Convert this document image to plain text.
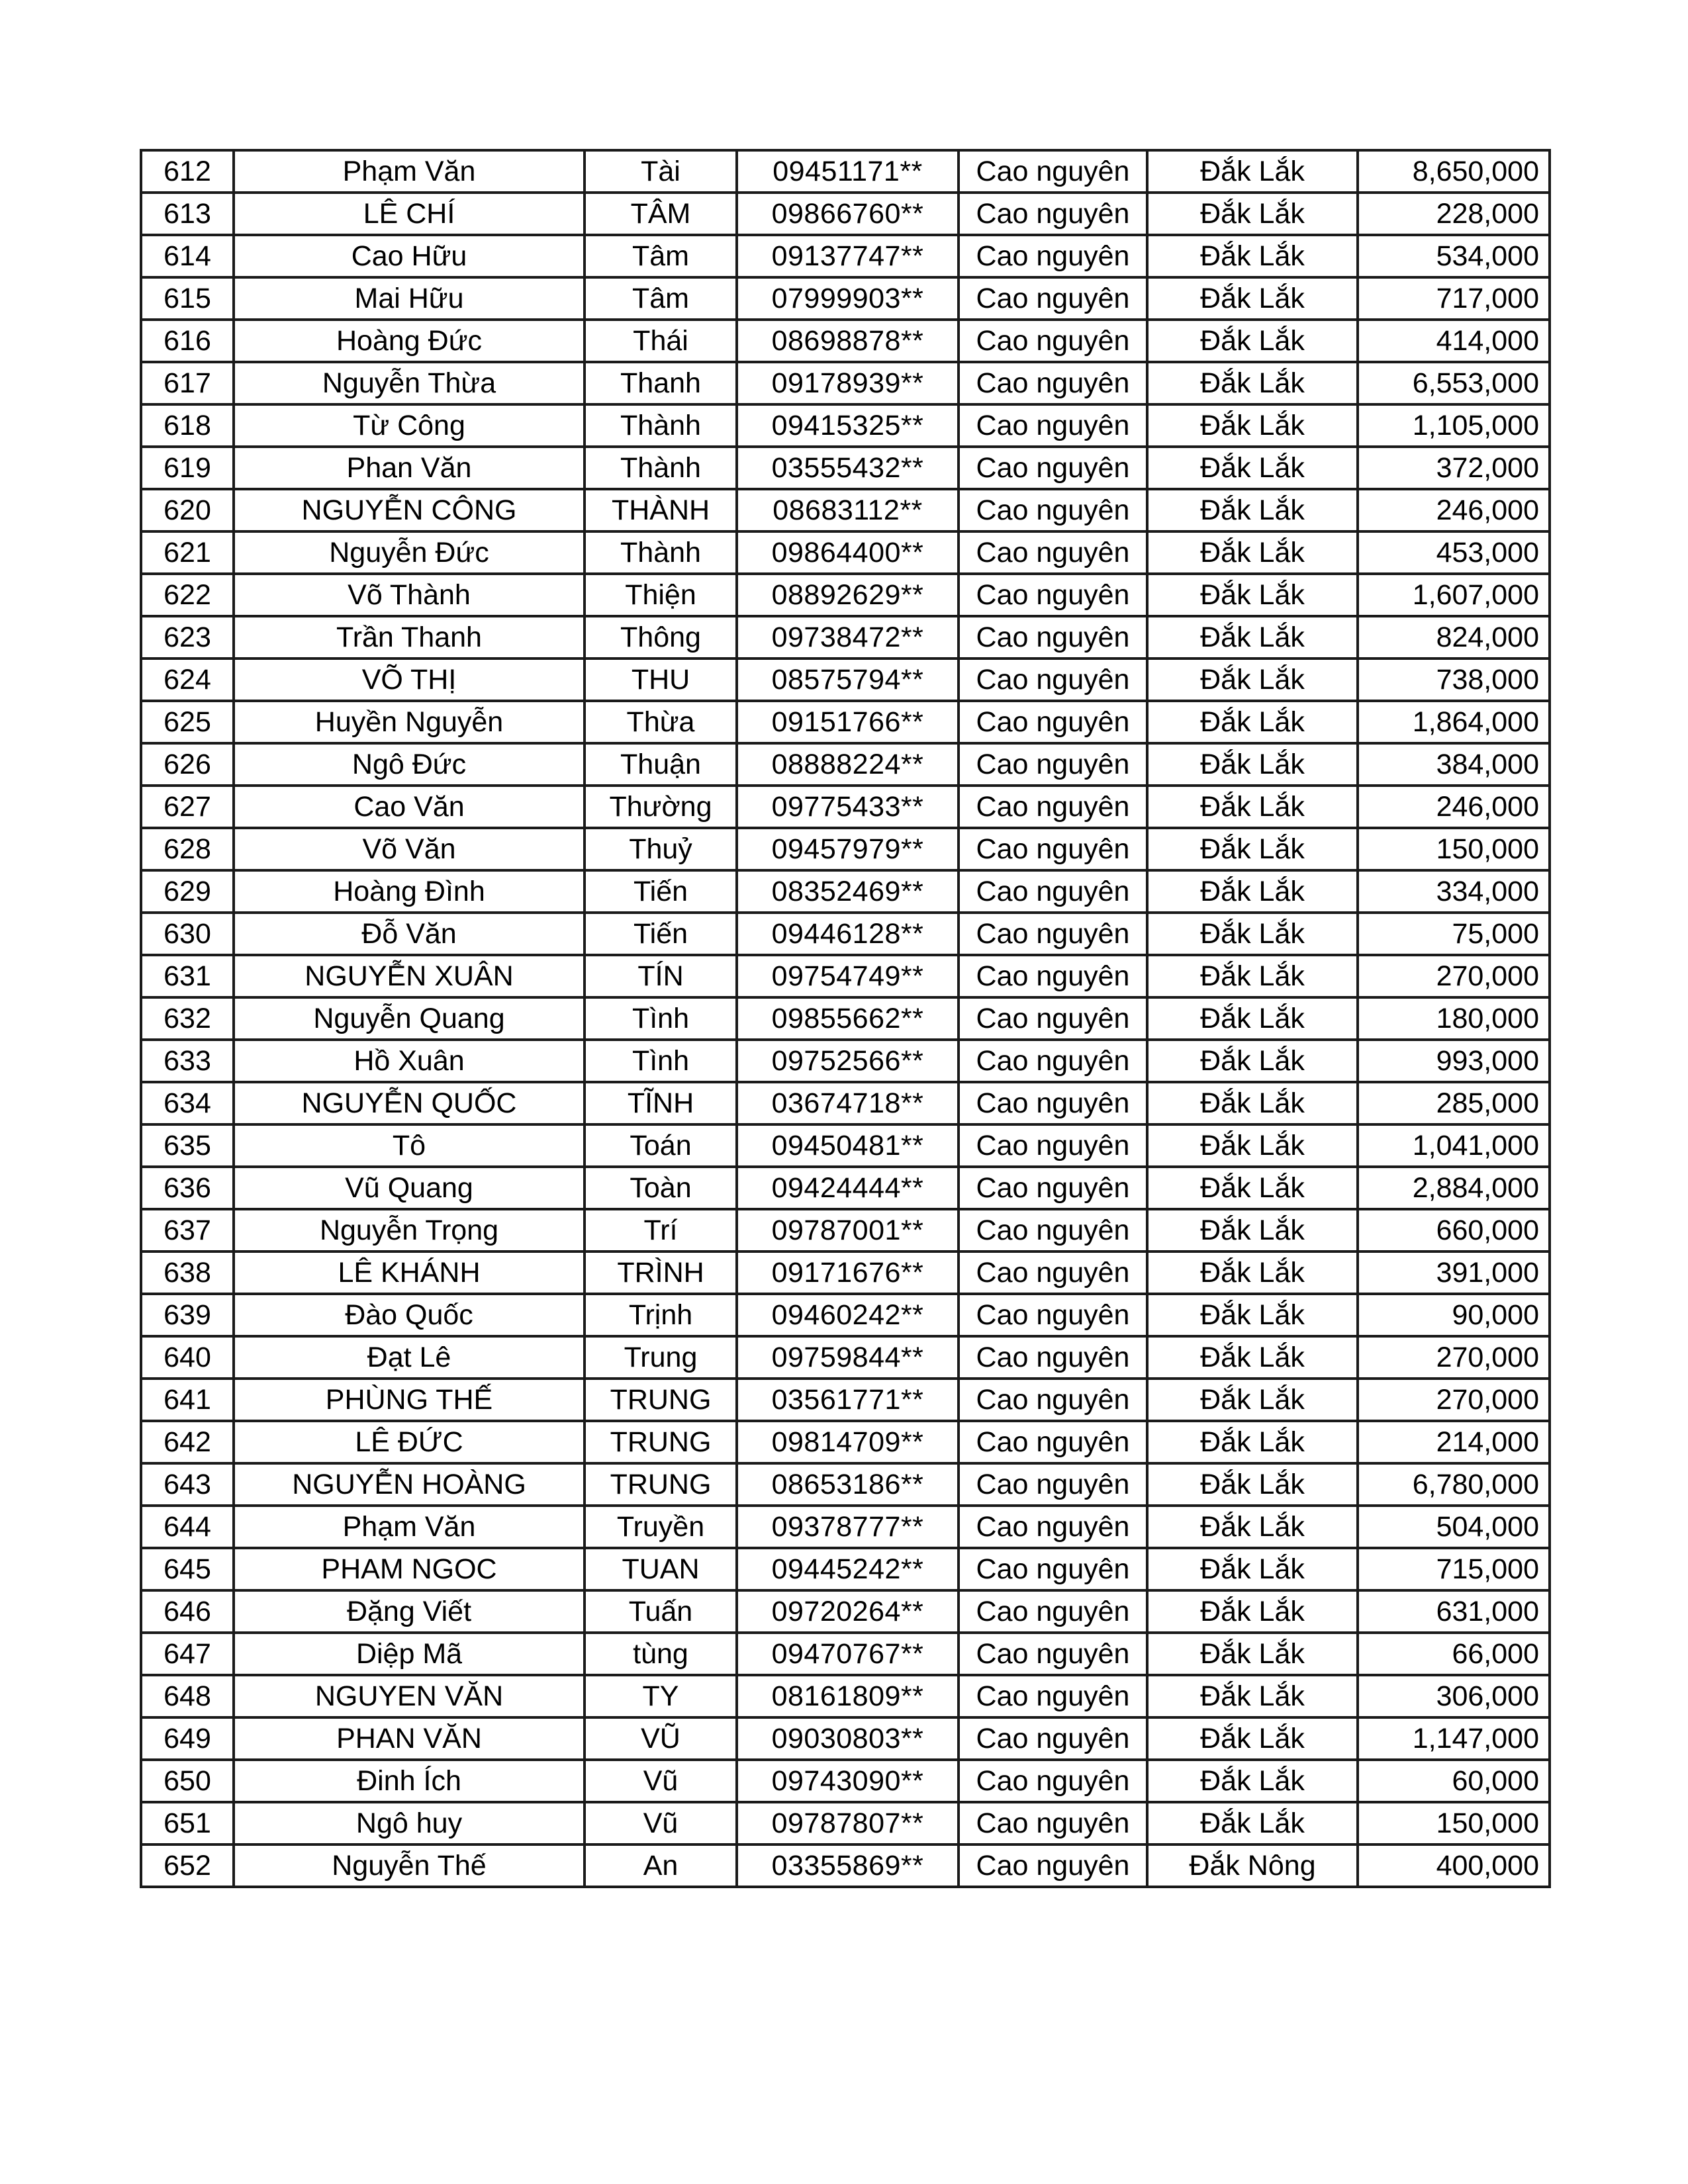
612	Phạm Văn	Tài	09451171**	Cao nguyên	Đắk Lắk	8,650,000
613	LÊ CHÍ	TÂM	09866760**	Cao nguyên	Đắk Lắk	228,000
614	Cao Hữu	Tâm	09137747**	Cao nguyên	Đắk Lắk	534,000
615	Mai Hữu	Tâm	07999903**	Cao nguyên	Đắk Lắk	717,000
616	Hoàng Đức	Thái	08698878**	Cao nguyên	Đắk Lắk	414,000
617	Nguyễn Thừa	Thanh	09178939**	Cao nguyên	Đắk Lắk	6,553,000
618	Từ Công	Thành	09415325**	Cao nguyên	Đắk Lắk	1,105,000
619	Phan Văn	Thành	03555432**	Cao nguyên	Đắk Lắk	372,000
620	NGUYỄN CÔNG	THÀNH	08683112**	Cao nguyên	Đắk Lắk	246,000
621	Nguyễn Đức	Thành	09864400**	Cao nguyên	Đắk Lắk	453,000
622	Võ Thành	Thiện	08892629**	Cao nguyên	Đắk Lắk	1,607,000
623	Trần Thanh	Thông	09738472**	Cao nguyên	Đắk Lắk	824,000
624	VÕ THỊ	THU	08575794**	Cao nguyên	Đắk Lắk	738,000
625	Huyền Nguyễn	Thừa	09151766**	Cao nguyên	Đắk Lắk	1,864,000
626	Ngô Đức	Thuận	08888224**	Cao nguyên	Đắk Lắk	384,000
627	Cao Văn	Thường	09775433**	Cao nguyên	Đắk Lắk	246,000
628	Võ Văn	Thuỷ	09457979**	Cao nguyên	Đắk Lắk	150,000
629	Hoàng Đình	Tiến	08352469**	Cao nguyên	Đắk Lắk	334,000
630	Đỗ Văn	Tiến	09446128**	Cao nguyên	Đắk Lắk	75,000
631	NGUYỄN XUÂN	TÍN	09754749**	Cao nguyên	Đắk Lắk	270,000
632	Nguyễn Quang	Tình	09855662**	Cao nguyên	Đắk Lắk	180,000
633	Hồ Xuân	Tình	09752566**	Cao nguyên	Đắk Lắk	993,000
634	NGUYỄN QUỐC	TĨNH	03674718**	Cao nguyên	Đắk Lắk	285,000
635	Tô	Toán	09450481**	Cao nguyên	Đắk Lắk	1,041,000
636	Vũ Quang	Toàn	09424444**	Cao nguyên	Đắk Lắk	2,884,000
637	Nguyễn Trọng	Trí	09787001**	Cao nguyên	Đắk Lắk	660,000
638	LÊ KHÁNH	TRÌNH	09171676**	Cao nguyên	Đắk Lắk	391,000
639	Đào Quốc	Trịnh	09460242**	Cao nguyên	Đắk Lắk	90,000
640	Đạt Lê	Trung	09759844**	Cao nguyên	Đắk Lắk	270,000
641	PHÙNG THẾ	TRUNG	03561771**	Cao nguyên	Đắk Lắk	270,000
642	LÊ ĐỨC	TRUNG	09814709**	Cao nguyên	Đắk Lắk	214,000
643	NGUYỄN HOÀNG	TRUNG	08653186**	Cao nguyên	Đắk Lắk	6,780,000
644	Phạm Văn	Truyền	09378777**	Cao nguyên	Đắk Lắk	504,000
645	PHAM NGOC	TUAN	09445242**	Cao nguyên	Đắk Lắk	715,000
646	Đặng Viết	Tuấn	09720264**	Cao nguyên	Đắk Lắk	631,000
647	Diệp Mã	tùng	09470767**	Cao nguyên	Đắk Lắk	66,000
648	NGUYEN VĂN	TY	08161809**	Cao nguyên	Đắk Lắk	306,000
649	PHAN VĂN	VŨ	09030803**	Cao nguyên	Đắk Lắk	1,147,000
650	Đinh Ích	Vũ	09743090**	Cao nguyên	Đắk Lắk	60,000
651	Ngô huy	Vũ	09787807**	Cao nguyên	Đắk Lắk	150,000
652	Nguyễn Thế	An	03355869**	Cao nguyên	Đắk Nông	400,000
